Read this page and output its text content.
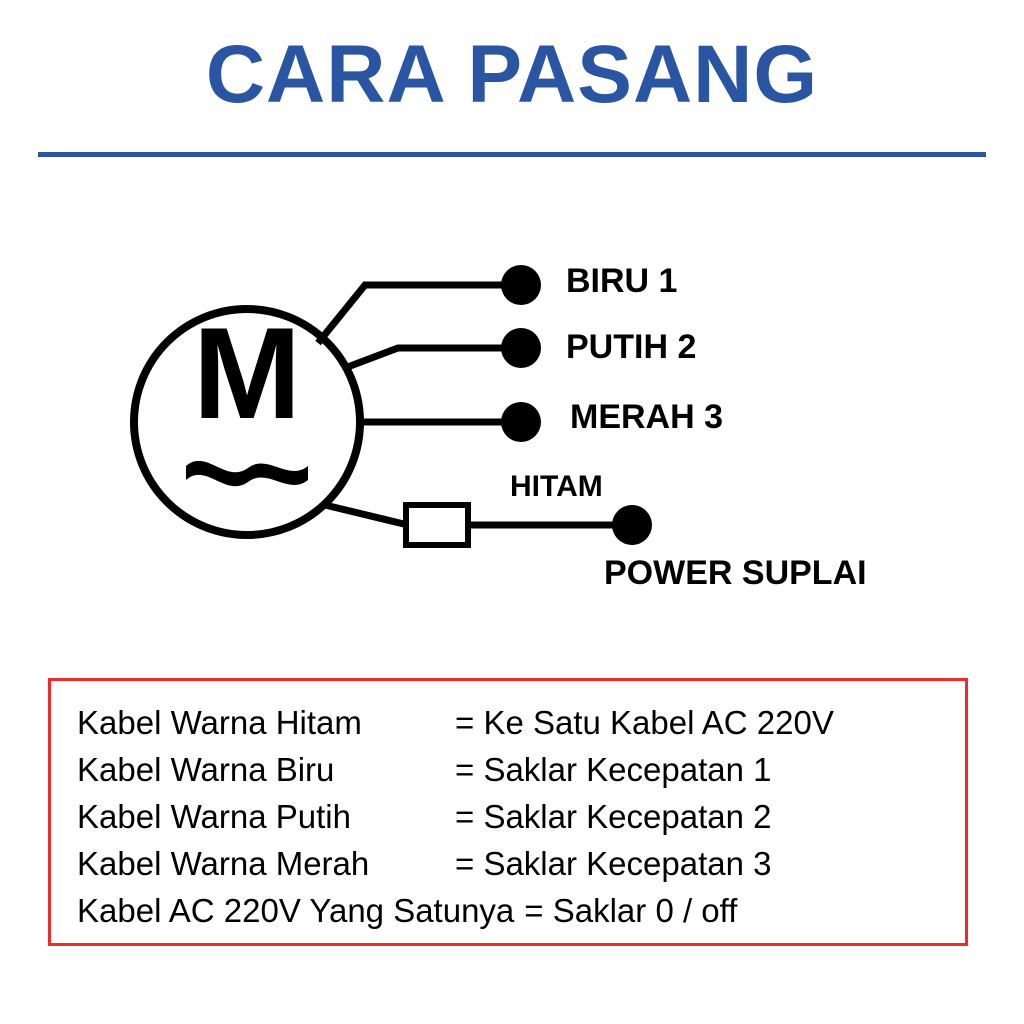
CARA PASANG
M
BIRU 1
PUTIH 2
MERAH 3
HITAM
POWER SUPLAI
Kabel Warna Hitam	= Ke Satu Kabel AC 220V
Kabel Warna Biru	= Saklar Kecepatan 1
Kabel Warna Putih	= Saklar Kecepatan 2
Kabel Warna Merah	= Saklar Kecepatan 3
Kabel AC 220V Yang Satunya = Saklar 0 / off
